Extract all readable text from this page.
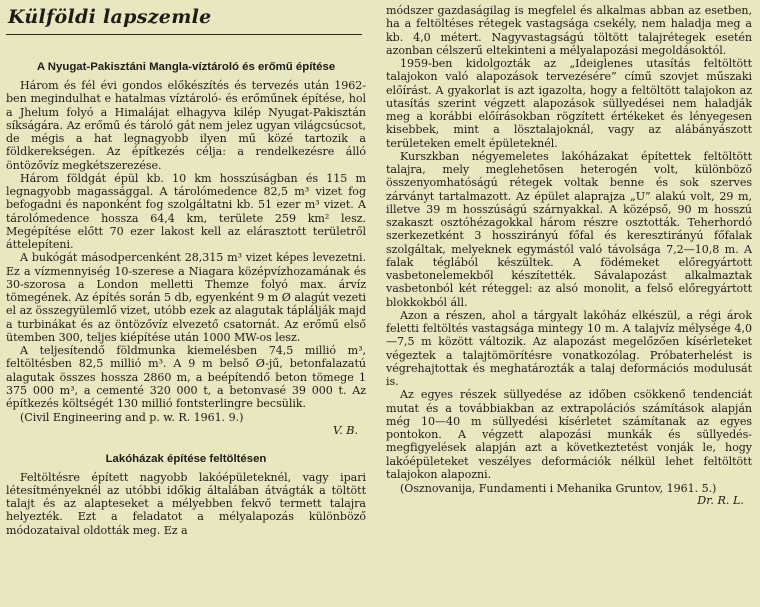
Külföldi lapszemle
A Nyugat-Pakisztáni Mangla-víztároló és erőmű építése

Három és fél évi gondos előkészítés és tervezés után 1962-ben megindulhat e hatalmas víztároló- és erőműnek építése, hol a Jhelum folyó a Himalájat elhagyva kilép Nyugat-Pakisztán síkságára. Az erőmű és tároló gát nem jelez ugyan világcsúcsot, de mégis a hat legnagyobb ilyen mű közé tartozik a földkerekségen. Az építkezés célja: a rendelkezésre álló öntözővíz megkétszerezése.

Három földgát épül kb. 10 km hosszúságban és 115 m legnagyobb magassággal. A tárolómedence 82,5 m³ vizet fog befogadni és naponként fog szolgáltatni kb. 51 ezer m³ vizet. A tárolómedence hossza 64,4 km, területe 259 km² lesz. Megépítése előtt 70 ezer lakost kell az elárasztott területről áttelepíteni.

A bukógát másodpercenként 28,315 m³ vizet képes levezetni. Ez a vízmennyiség 10-szerese a Niagara középvízhozamának és 30-szorosa a London melletti Themze folyó max. árvíz tömegének. Az építés során 5 db, egyenként 9 m Ø alagút vezeti el az összegyülemlő vizet, utóbb ezek az alagutak táplálják majd a turbinákat és az öntözővíz elvezető csatornát. Az erőmű első ütemben 300, teljes kiépítése után 1000 MW-os lesz.

A teljesítendő földmunka kiemelésben 74,5 millió m³, feltöltésben 82,5 millió m³. A 9 m belső Ø-jű, betonfalazatú alagutak összes hossza 2860 m, a beépítendő beton tömege 1 375 000 m³, a cementé 320 000 t, a betonvasé 39 000 t. Az építkezés költségét 130 millió fontsterlingre becsülik.

(Civil Engineering and p. w. R. 1961. 9.)

V. B.
Lakóházak építése feltöltésen

Feltöltésre épített nagyobb lakóépületeknél, vagy ipari létesítményeknél az utóbbi időkig általában átvágták a töltött talajt és az alapteseket a mélyebben fekvő termett talajra helyezték. Ezt a feladatot a mélyalapozás különböző módozataival oldották meg. Ez a

módszer gazdaságilag is megfelel és alkalmas abban az esetben, ha a feltöltéses rétegek vastagsága csekély, nem haladja meg a kb. 4,0 métert. Nagyvastagságú töltött talajrétegek esetén azonban célszerű eltekinteni a mélyalapozási megoldásoktól.

1959-ben kidolgozták az „Ideiglenes utasítás feltöltött talajokon való alapozások tervezésére” című szovjet műszaki előírást. A gyakorlat is azt igazolta, hogy a feltöltött talajokon az utasítás szerint végzett alapozások süllyedései nem haladják meg a korábbi előírásokban rögzített értékeket és lényegesen kisebbek, mint a lösztalajoknál, vagy az alábányászott területeken emelt épületeknél.

Kurszkban négyemeletes lakóházakat építettek feltöltött talajra, mely meglehetősen heterogén volt, különböző összenyomhatóságú rétegek voltak benne és sok szerves zárványt tartalmazott. Az épület alaprajza „U” alakú volt, 29 m, illetve 39 m hosszúságú szárnyakkal. A középső, 90 m hosszú szakaszt osztóhézagokkal három részre osztották. Teherhordó szerkezetként 3 hosszirányú főfal és keresztirányú főfalak szolgáltak, melyeknek egymástól való távolsága 7,2—10,8 m. A falak téglából készültek. A födémeket előregyártott vasbetonelemekből készítették. Sávalapozást alkalmaztak vasbetonból két réteggel: az alsó monolit, a felső előregyártott blokkokból áll.

Azon a részen, ahol a tárgyalt lakóház elkészül, a régi árok feletti feltöltés vastagsága mintegy 10 m. A talajvíz mélysége 4,0—7,5 m között változik. Az alapozást megelőzően kísérleteket végeztek a talajtömörítésre vonatkozólag. Próbaterhelést is végrehajtottak és meghatározták a talaj deformációs modulusát is.

Az egyes részek süllyedése az időben csökkenő tendenciát mutat és a továbbiakban az extrapolációs számítások alapján még 10—40 m süllyedési kísérletet számítanak az egyes pontokon. A végzett alapozási munkák és süllyedés-megfigyelések alapján azt a következtetést vonják le, hogy lakóépületeket veszélyes deformációk nélkül lehet feltöltött talajokon alapozni.

(Osznovanija, Fundamenti i Mehanika Gruntov, 1961. 5.)

Dr. R. L.
